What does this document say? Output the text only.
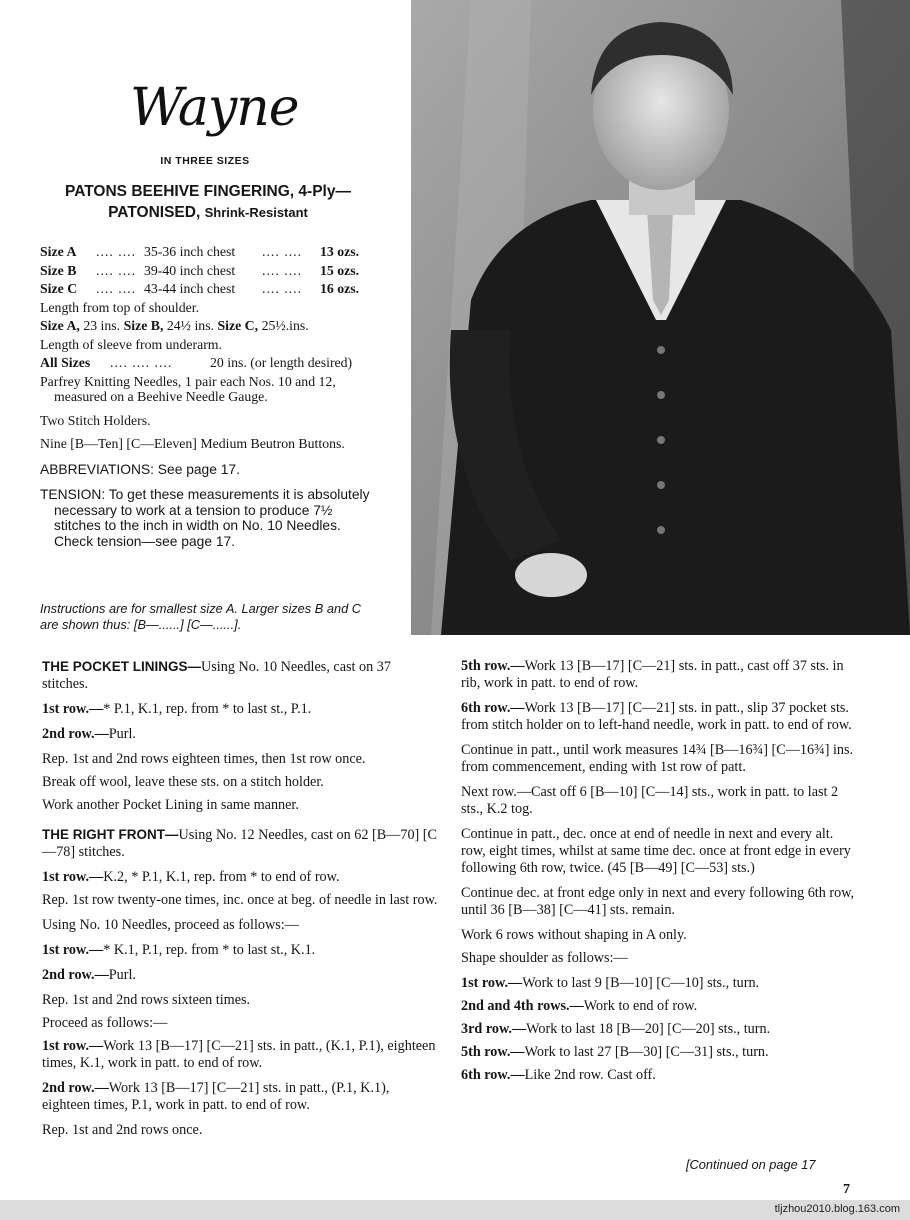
Wayne
IN THREE SIZES
PATONS BEEHIVE FINGERING, 4-Ply—
PATONISED, Shrink-Resistant
Size A	.... .... 35-36 inch chest	.... ....	13 ozs.
Size B	.... .... 39-40 inch chest	.... ....	15 ozs.
Size C	.... .... 43-44 inch chest	.... ....	16 ozs.
Length from top of shoulder.
Size A, 23 ins. Size B, 24½ ins. Size C, 25½.ins.
Length of sleeve from underarm.
All Sizes	.... .... ....	20 ins. (or length desired)
Parfrey Knitting Needles, 1 pair each Nos. 10 and 12, measured on a Beehive Needle Gauge.
Two Stitch Holders.
Nine [B—Ten] [C—Eleven] Medium Beutron Buttons.
ABBREVIATIONS: See page 17.
TENSION: To get these measurements it is absolutely necessary to work at a tension to produce 7½ stitches to the inch in width on No. 10 Needles. Check tension—see page 17.
Instructions are for smallest size A. Larger sizes B and C are shown thus: [B—......] [C—......].

THE POCKET LININGS—Using No. 10 Needles, cast on 37 stitches.

1st row.—* P.1, K.1, rep. from * to last st., P.1.

2nd row.—Purl.

Rep. 1st and 2nd rows eighteen times, then 1st row once.

Break off wool, leave these sts. on a stitch holder.

Work another Pocket Lining in same manner.

THE RIGHT FRONT—Using No. 12 Needles, cast on 62 [B—70] [C—78] stitches.

1st row.—K.2, * P.1, K.1, rep. from * to end of row.

Rep. 1st row twenty-one times, inc. once at beg. of needle in last row.

Using No. 10 Needles, proceed as follows:—

1st row.—* K.1, P.1, rep. from * to last st., K.1.

2nd row.—Purl.

Rep. 1st and 2nd rows sixteen times.

Proceed as follows:—

1st row.—Work 13 [B—17] [C—21] sts. in patt., (K.1, P.1), eighteen times, K.1, work in patt. to end of row.

2nd row.—Work 13 [B—17] [C—21] sts. in patt., (P.1, K.1), eighteen times, P.1, work in patt. to end of row.

Rep. 1st and 2nd rows once.

5th row.—Work 13 [B—17] [C—21] sts. in patt., cast off 37 sts. in rib, work in patt. to end of row.

6th row.—Work 13 [B—17] [C—21] sts. in patt., slip 37 pocket sts. from stitch holder on to left-hand needle, work in patt. to end of row.

Continue in patt., until work measures 14¾ [B—16¾] [C—16¾] ins. from commencement, ending with 1st row of patt.

Next row.—Cast off 6 [B—10] [C—14] sts., work in patt. to last 2 sts., K.2 tog.

Continue in patt., dec. once at end of needle in next and every alt. row, eight times, whilst at same time dec. once at front edge in every following 6th row, twice. (45 [B—49] [C—53] sts.)

Continue dec. at front edge only in next and every following 6th row, until 36 [B—38] [C—41] sts. remain.

Work 6 rows without shaping in A only.

Shape shoulder as follows:—

1st row.—Work to last 9 [B—10] [C—10] sts., turn.

2nd and 4th rows.—Work to end of row.

3rd row.—Work to last 18 [B—20] [C—20] sts., turn.

5th row.—Work to last 27 [B—30] [C—31] sts., turn.

6th row.—Like 2nd row. Cast off.

[Continued on page 17
7
tljzhou2010.blog.163.com
